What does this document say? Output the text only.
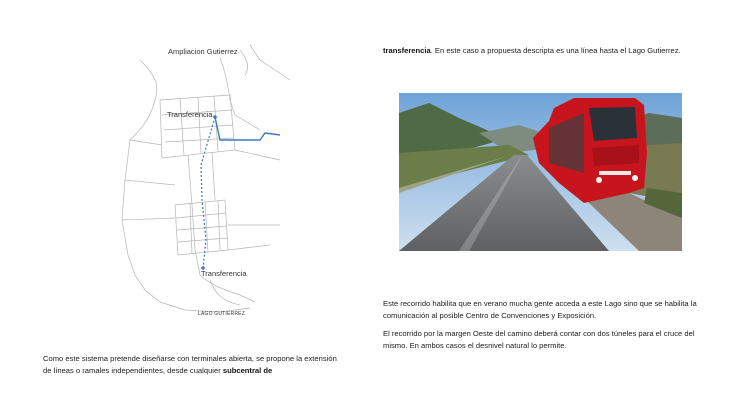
Ampliacion Gutierrez
Transferencia
Transferencia
LAGO GUTIERREZ
Como este sistema pretende diseñarse con terminales abierta, se propone la extensión de líneas o ramales independientes, desde cualquier subcentral de
transferencia. En este caso a propuesta descripta es una línea hasta el Lago Gutierrez.

Este recorrido habilita que en verano mucha gente acceda a este Lago sino que se habilita la comunicación al posible Centro de Convenciones y Exposición.

El recorrido por la margen Oeste del camino deberá contar con dos túneles para el cruce del mismo. En ambos casos el desnivel natural lo permite.
